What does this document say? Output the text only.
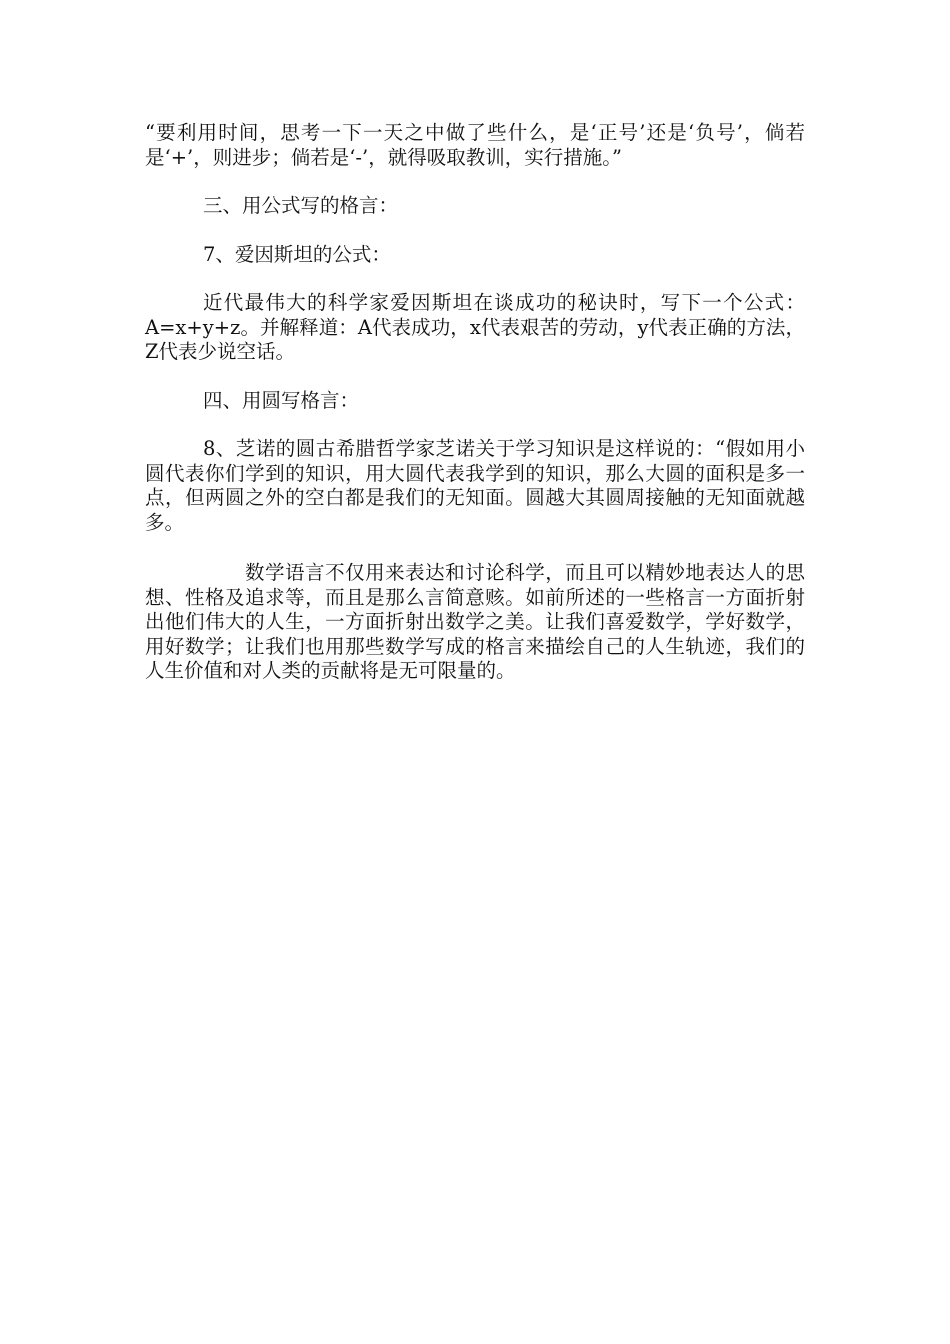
“要利用时间，思考一下一天之中做了些什么，是‘正号’还是‘负号’，倘若是‘+’，则进步；倘若是‘-’，就得吸取教训，实行措施。”

三、用公式写的格言：

7、爱因斯坦的公式：

近代最伟大的科学家爱因斯坦在谈成功的秘诀时，写下一个公式：A=x+y+z。并解释道：A代表成功，x代表艰苦的劳动，y代表正确的方法，Z代表少说空话。

四、用圆写格言：

8、芝诺的圆古希腊哲学家芝诺关于学习知识是这样说的：“假如用小圆代表你们学到的知识，用大圆代表我学到的知识，那么大圆的面积是多一点，但两圆之外的空白都是我们的无知面。圆越大其圆周接触的无知面就越多。

数学语言不仅用来表达和讨论科学，而且可以精妙地表达人的思想、性格及追求等，而且是那么言简意赅。如前所述的一些格言一方面折射出他们伟大的人生，一方面折射出数学之美。让我们喜爱数学，学好数学，用好数学；让我们也用那些数学写成的格言来描绘自己的人生轨迹，我们的人生价值和对人类的贡献将是无可限量的。
